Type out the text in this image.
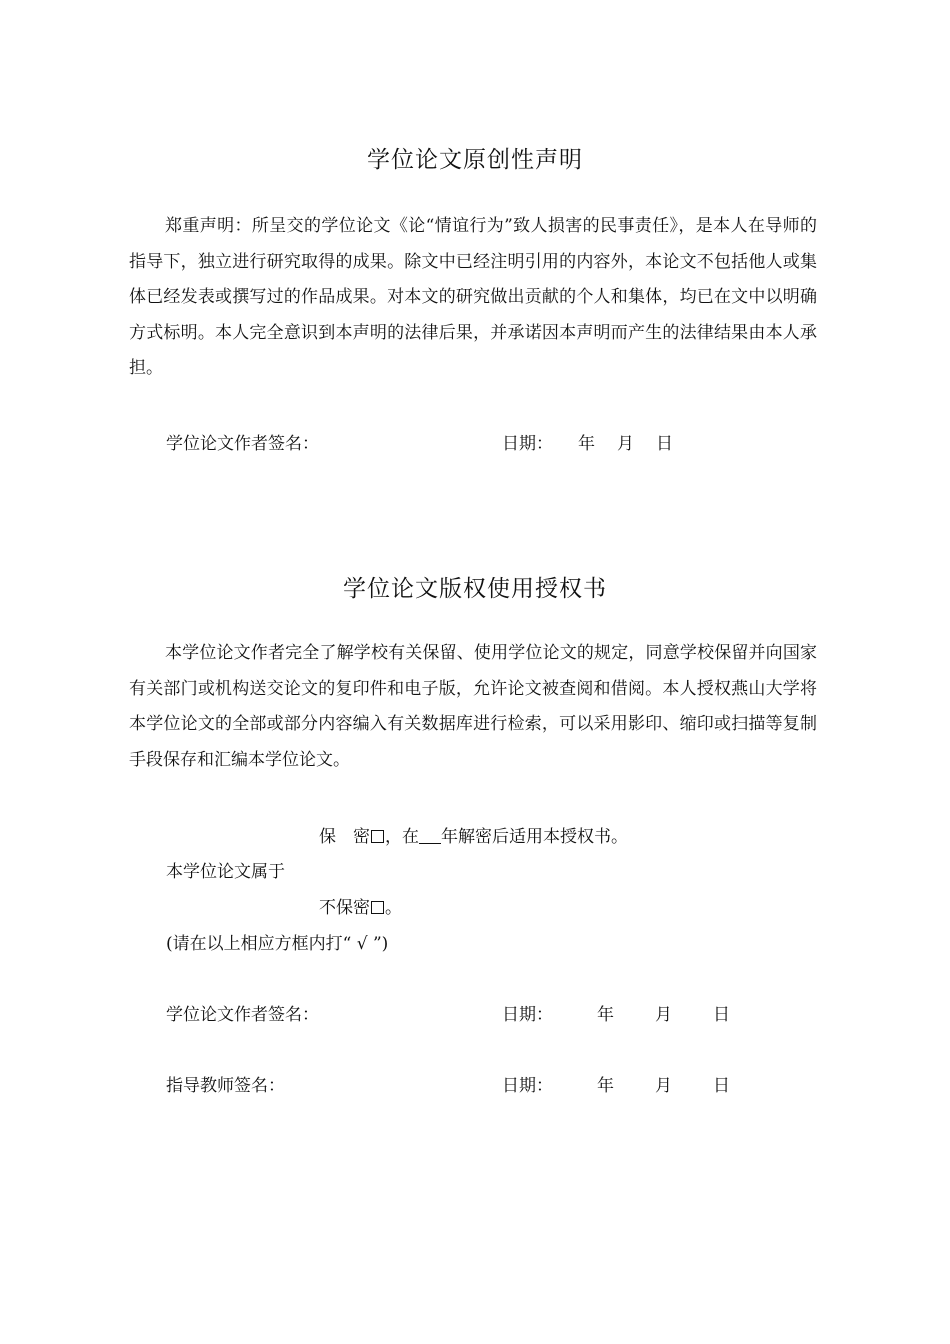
学位论文原创性声明
郑重声明：所呈交的学位论文《论“情谊行为”致人损害的民事责任》，是本人在导师的指导下，独立进行研究取得的成果。除文中已经注明引用的内容外，本论文不包括他人或集体已经发表或撰写过的作品成果。对本文的研究做出贡献的个人和集体，均已在文中以明确方式标明。本人完全意识到本声明的法律后果，并承诺因本声明而产生的法律结果由本人承担。
学位论文作者签名：	日期： 年 月 日
学位论文版权使用授权书
本学位论文作者完全了解学校有关保留、使用学位论文的规定，同意学校保留并向国家有关部门或机构送交论文的复印件和电子版，允许论文被查阅和借阅。本人授权燕山大学将本学位论文的全部或部分内容编入有关数据库进行检索，可以采用影印、缩印或扫描等复制手段保存和汇编本学位论文。
保　密 ，在 年解密后适用本授权书。
本学位论文属于
不保密 。
(请在以上相应方框内打“ √ ”)
学位论文作者签名：	日期：	年 月 日
指导教师签名：	日期：	年 月 日
